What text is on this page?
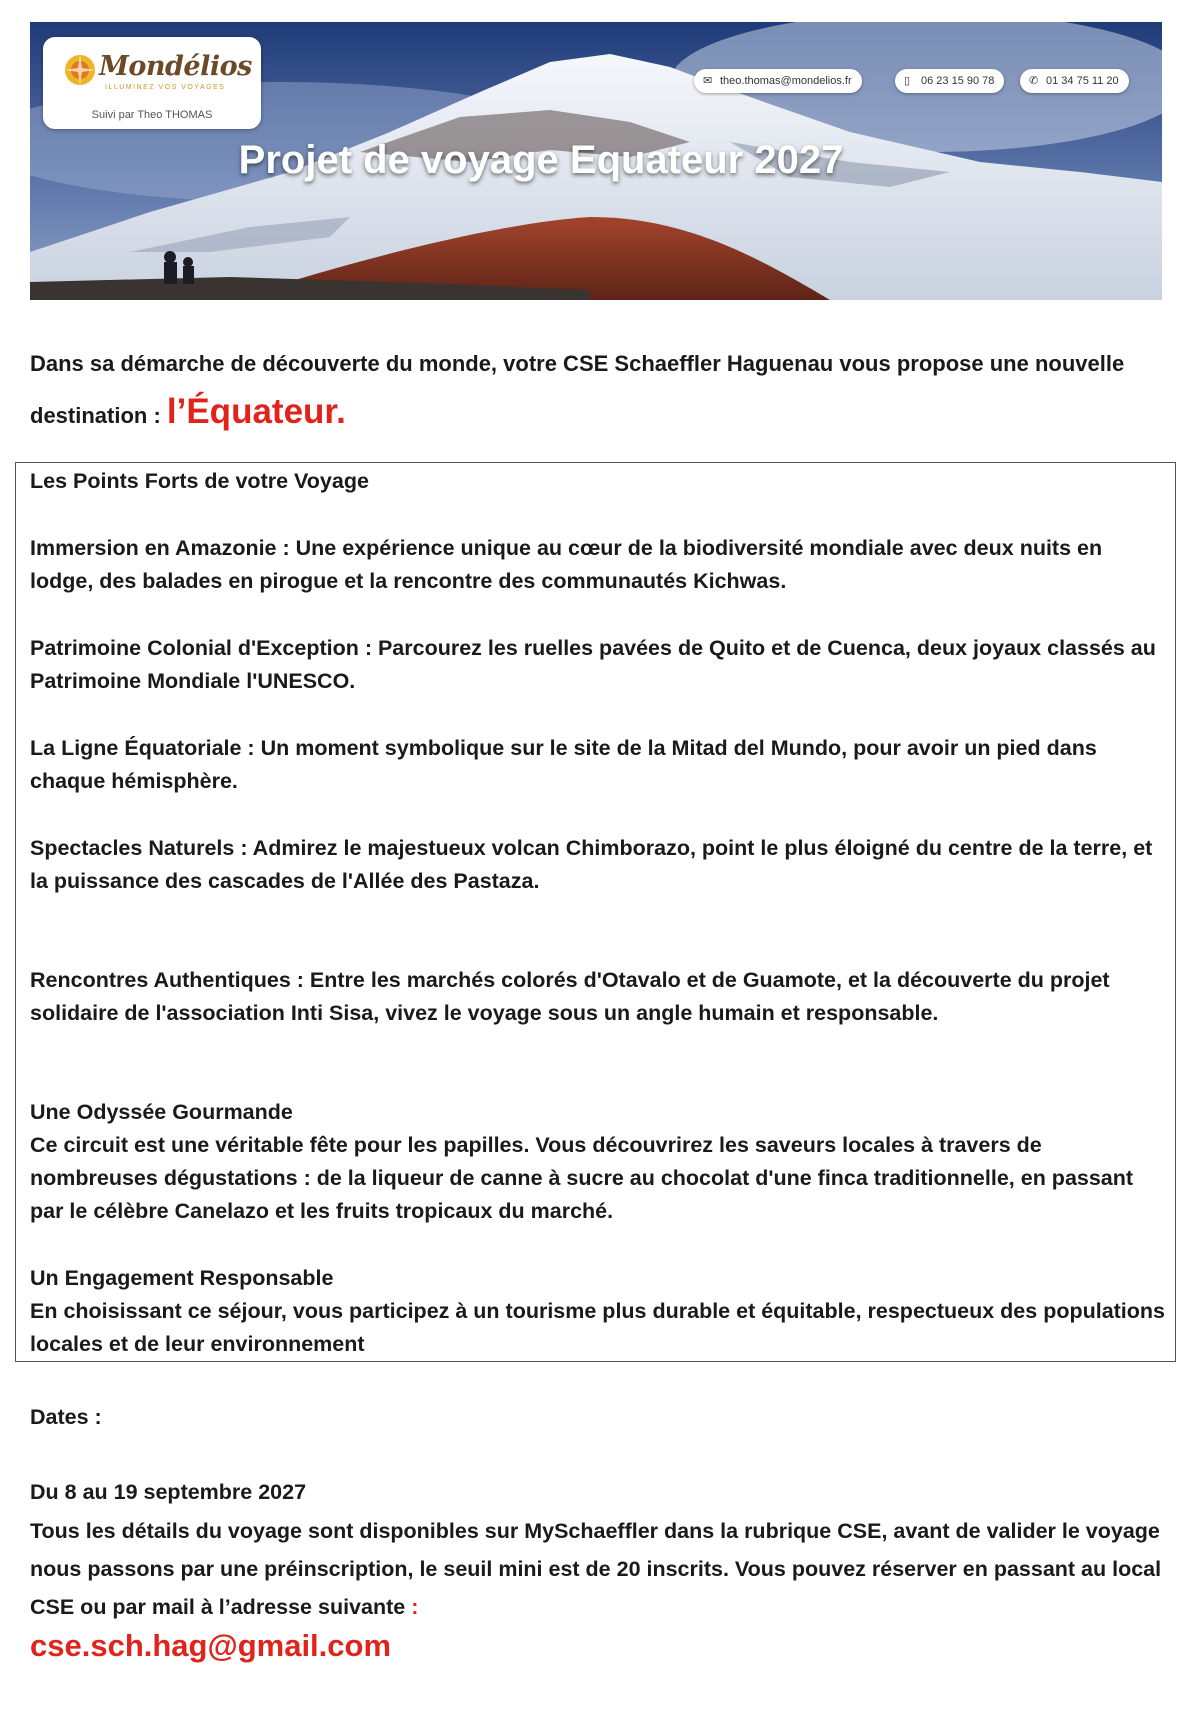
Mondélios
ILLUMINEZ VOS VOYAGES
Suivi par Theo THOMAS
✉ theo.thomas@mondelios.fr	▯ 06 23 15 90 78	✆ 01 34 75 11 20
Projet de voyage Equateur 2027
Dans sa démarche de découverte du monde, votre CSE Schaeffler Haguenau vous propose une nouvelle destination : l’Équateur.
Les Points Forts de votre Voyage
Immersion en Amazonie : Une expérience unique au cœur de la biodiversité mondiale avec deux nuits en lodge, des balades en pirogue et la rencontre des communautés Kichwas.
Patrimoine Colonial d'Exception : Parcourez les ruelles pavées de Quito et de Cuenca, deux joyaux classés au Patrimoine Mondiale l'UNESCO.
La Ligne Équatoriale : Un moment symbolique sur le site de la Mitad del Mundo, pour avoir un pied dans chaque hémisphère.
Spectacles Naturels : Admirez le majestueux volcan Chimborazo, point le plus éloigné du centre de la terre, et la puissance des cascades de l'Allée des Pastaza.
Rencontres Authentiques : Entre les marchés colorés d'Otavalo et de Guamote, et la découverte du projet solidaire de l'association Inti Sisa, vivez le voyage sous un angle humain et responsable.
Une Odyssée Gourmande
Ce circuit est une véritable fête pour les papilles. Vous découvrirez les saveurs locales à travers de nombreuses dégustations : de la liqueur de canne à sucre au chocolat d'une finca traditionnelle, en passant par le célèbre Canelazo et les fruits tropicaux du marché.
Un Engagement Responsable
En choisissant ce séjour, vous participez à un tourisme plus durable et équitable, respectueux des populations locales et de leur environnement
Dates :
Du 8 au 19 septembre 2027
Tous les détails du voyage sont disponibles sur MySchaeffler dans la rubrique CSE, avant de valider le voyage nous passons par une préinscription, le seuil mini est de 20 inscrits. Vous pouvez réserver en passant au local CSE ou par mail à l’adresse suivante :
cse.sch.hag@gmail.com
